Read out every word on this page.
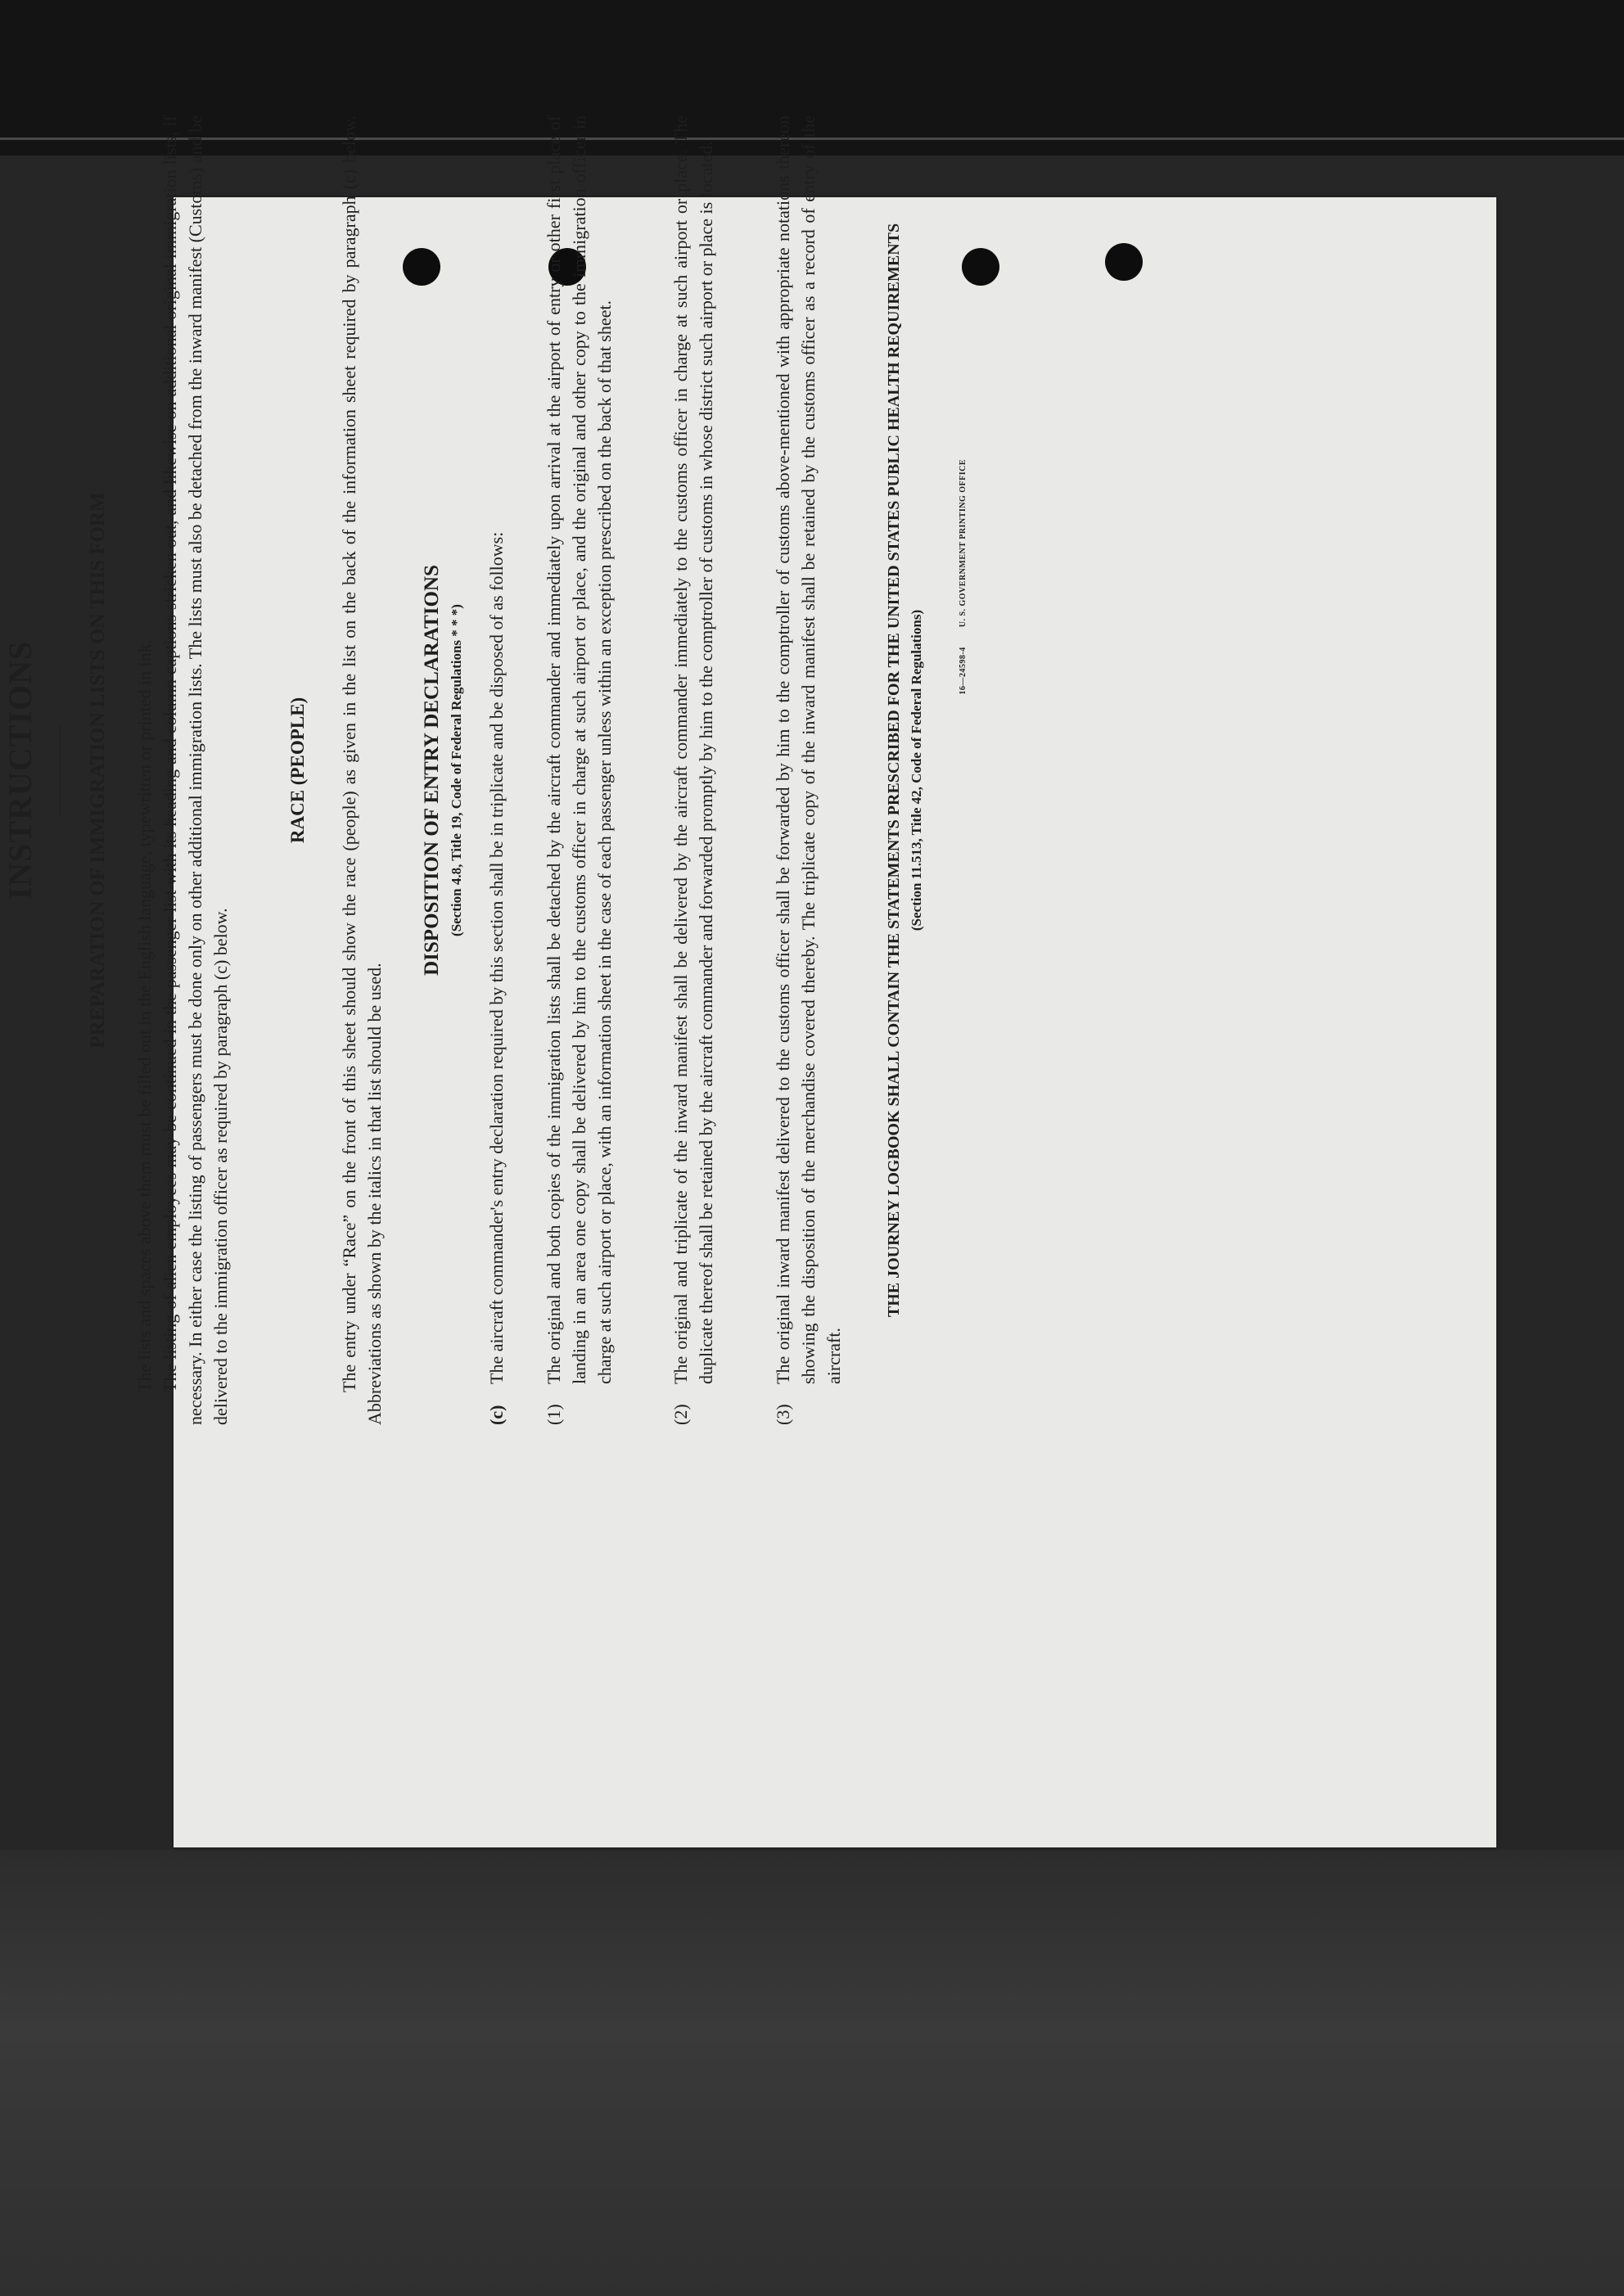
INSTRUCTIONS PREPARATION OF IMMIGRATION LISTS ON THIS FORM The lists and spaces above them must be filled out in the English language, typewritten or printed in ink. The listing of alien employees may be continued in the passenger list with its heading and column captions stricken out, and likewise on additional original immigration lists, if necessary. In either case the listing of passengers must be done only on other additional immigration lists. The lists must also be detached from the inward manifest (Customs) and be delivered to the immigration officer as required by paragraph (c) below.

RACE (PEOPLE) The entry under “Race” on the front of this sheet should show the race (people) as given in the list on the back of the information sheet required by paragraph (c) below. Abbreviations as shown by the italics in that list should be used.

DISPOSITION OF ENTRY DECLARATIONS (Section 4.8, Title 19, Code of Federal Regulations * * *)
(c)
The aircraft commander's entry declaration required by this section shall be in triplicate and be disposed of as follows:
(1)
The original and both copies of the immigration lists shall be detached by the aircraft commander and immediately upon arrival at the airport of entry or other first place of landing in an area one copy shall be delivered by him to the customs officer in charge at such airport or place, and the original and other copy to the immigration officer in charge at such airport or place, with an information sheet in the case of each passenger unless within an exception prescribed on the back of that sheet.
(2)
The original and triplicate of the inward manifest shall be delivered by the aircraft commander immediately to the customs officer in charge at such airport or place. The duplicate thereof shall be retained by the aircraft commander and forwarded promptly by him to the comptroller of customs in whose district such airport or place is located.
(3)
The original inward manifest delivered to the customs officer shall be forwarded by him to the comptroller of customs above-mentioned with appropriate notations thereon showing the disposition of the merchandise covered thereby. The triplicate copy of the inward manifest shall be retained by the customs officer as a record of entry of the aircraft.
THE JOURNEY LOGBOOK SHALL CONTAIN THE STATEMENTS PRESCRIBED FOR THE UNITED STATES PUBLIC HEALTH REQUIREMENTS (Section 11.513, Title 42, Code of Federal Regulations)	16—24598-4      U. S. GOVERNMENT PRINTING OFFICE
